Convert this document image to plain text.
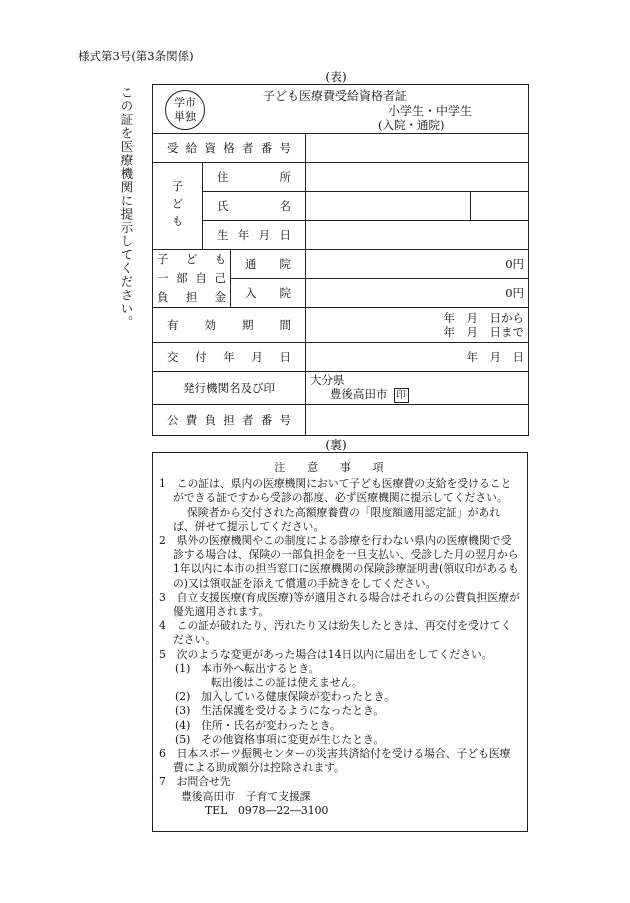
様式第3号(第3条関係)
この証を医療機関に提示してください。
(表)
学市
単独
子ども医療費受給資格者証
小学生・中学生
(入院・通院)				

受給資格者番号				
子ども	住所			
	氏名			
	生年月日			

子 ど も
一部自己
負担金		通院	0円	
		入院	0円	
有効期間			年　月　日から
年　月　日まで	

交付年月日			年　月　日	
発行機関名及び印			大分県
豊後高田市 印	
公費負担者番号				
(裏)
注意事項

1　この証は、県内の医療機関において子ども医療費の支給を受けることができる証ですから受診の都度、必ず医療機関に提示してください。

保険者から交付された高額療養費の「限度額適用認定証」があれば、併せて提示してください。

2　県外の医療機関やこの制度による診療を行わない県内の医療機関で受診する場合は、保険の一部負担金を一旦支払い、受診した月の翌月から1年以内に本市の担当窓口に医療機関の保険診療証明書(領収印があるもの)又は領収証を添えて償還の手続きをしてください。

3　自立支援医療(育成医療)等が適用される場合はそれらの公費負担医療が優先適用されます。

4　この証が破れたり、汚れたり又は紛失したときは、再交付を受けてください。

5　次のような変更があった場合は14日以内に届出をしてください。

(1)　本市外へ転出するとき。

転出後はこの証は使えません。

(2)　加入している健康保険が変わったとき。

(3)　生活保護を受けるようになったとき。

(4)　住所・氏名が変わったとき。

(5)　その他資格事項に変更が生じたとき。

6　日本スポーツ振興センターの災害共済給付を受ける場合、子ども医療費による助成額分は控除されます。

7　お問合せ先

豊後高田市　子育て支援課

TEL　0978―22―3100
